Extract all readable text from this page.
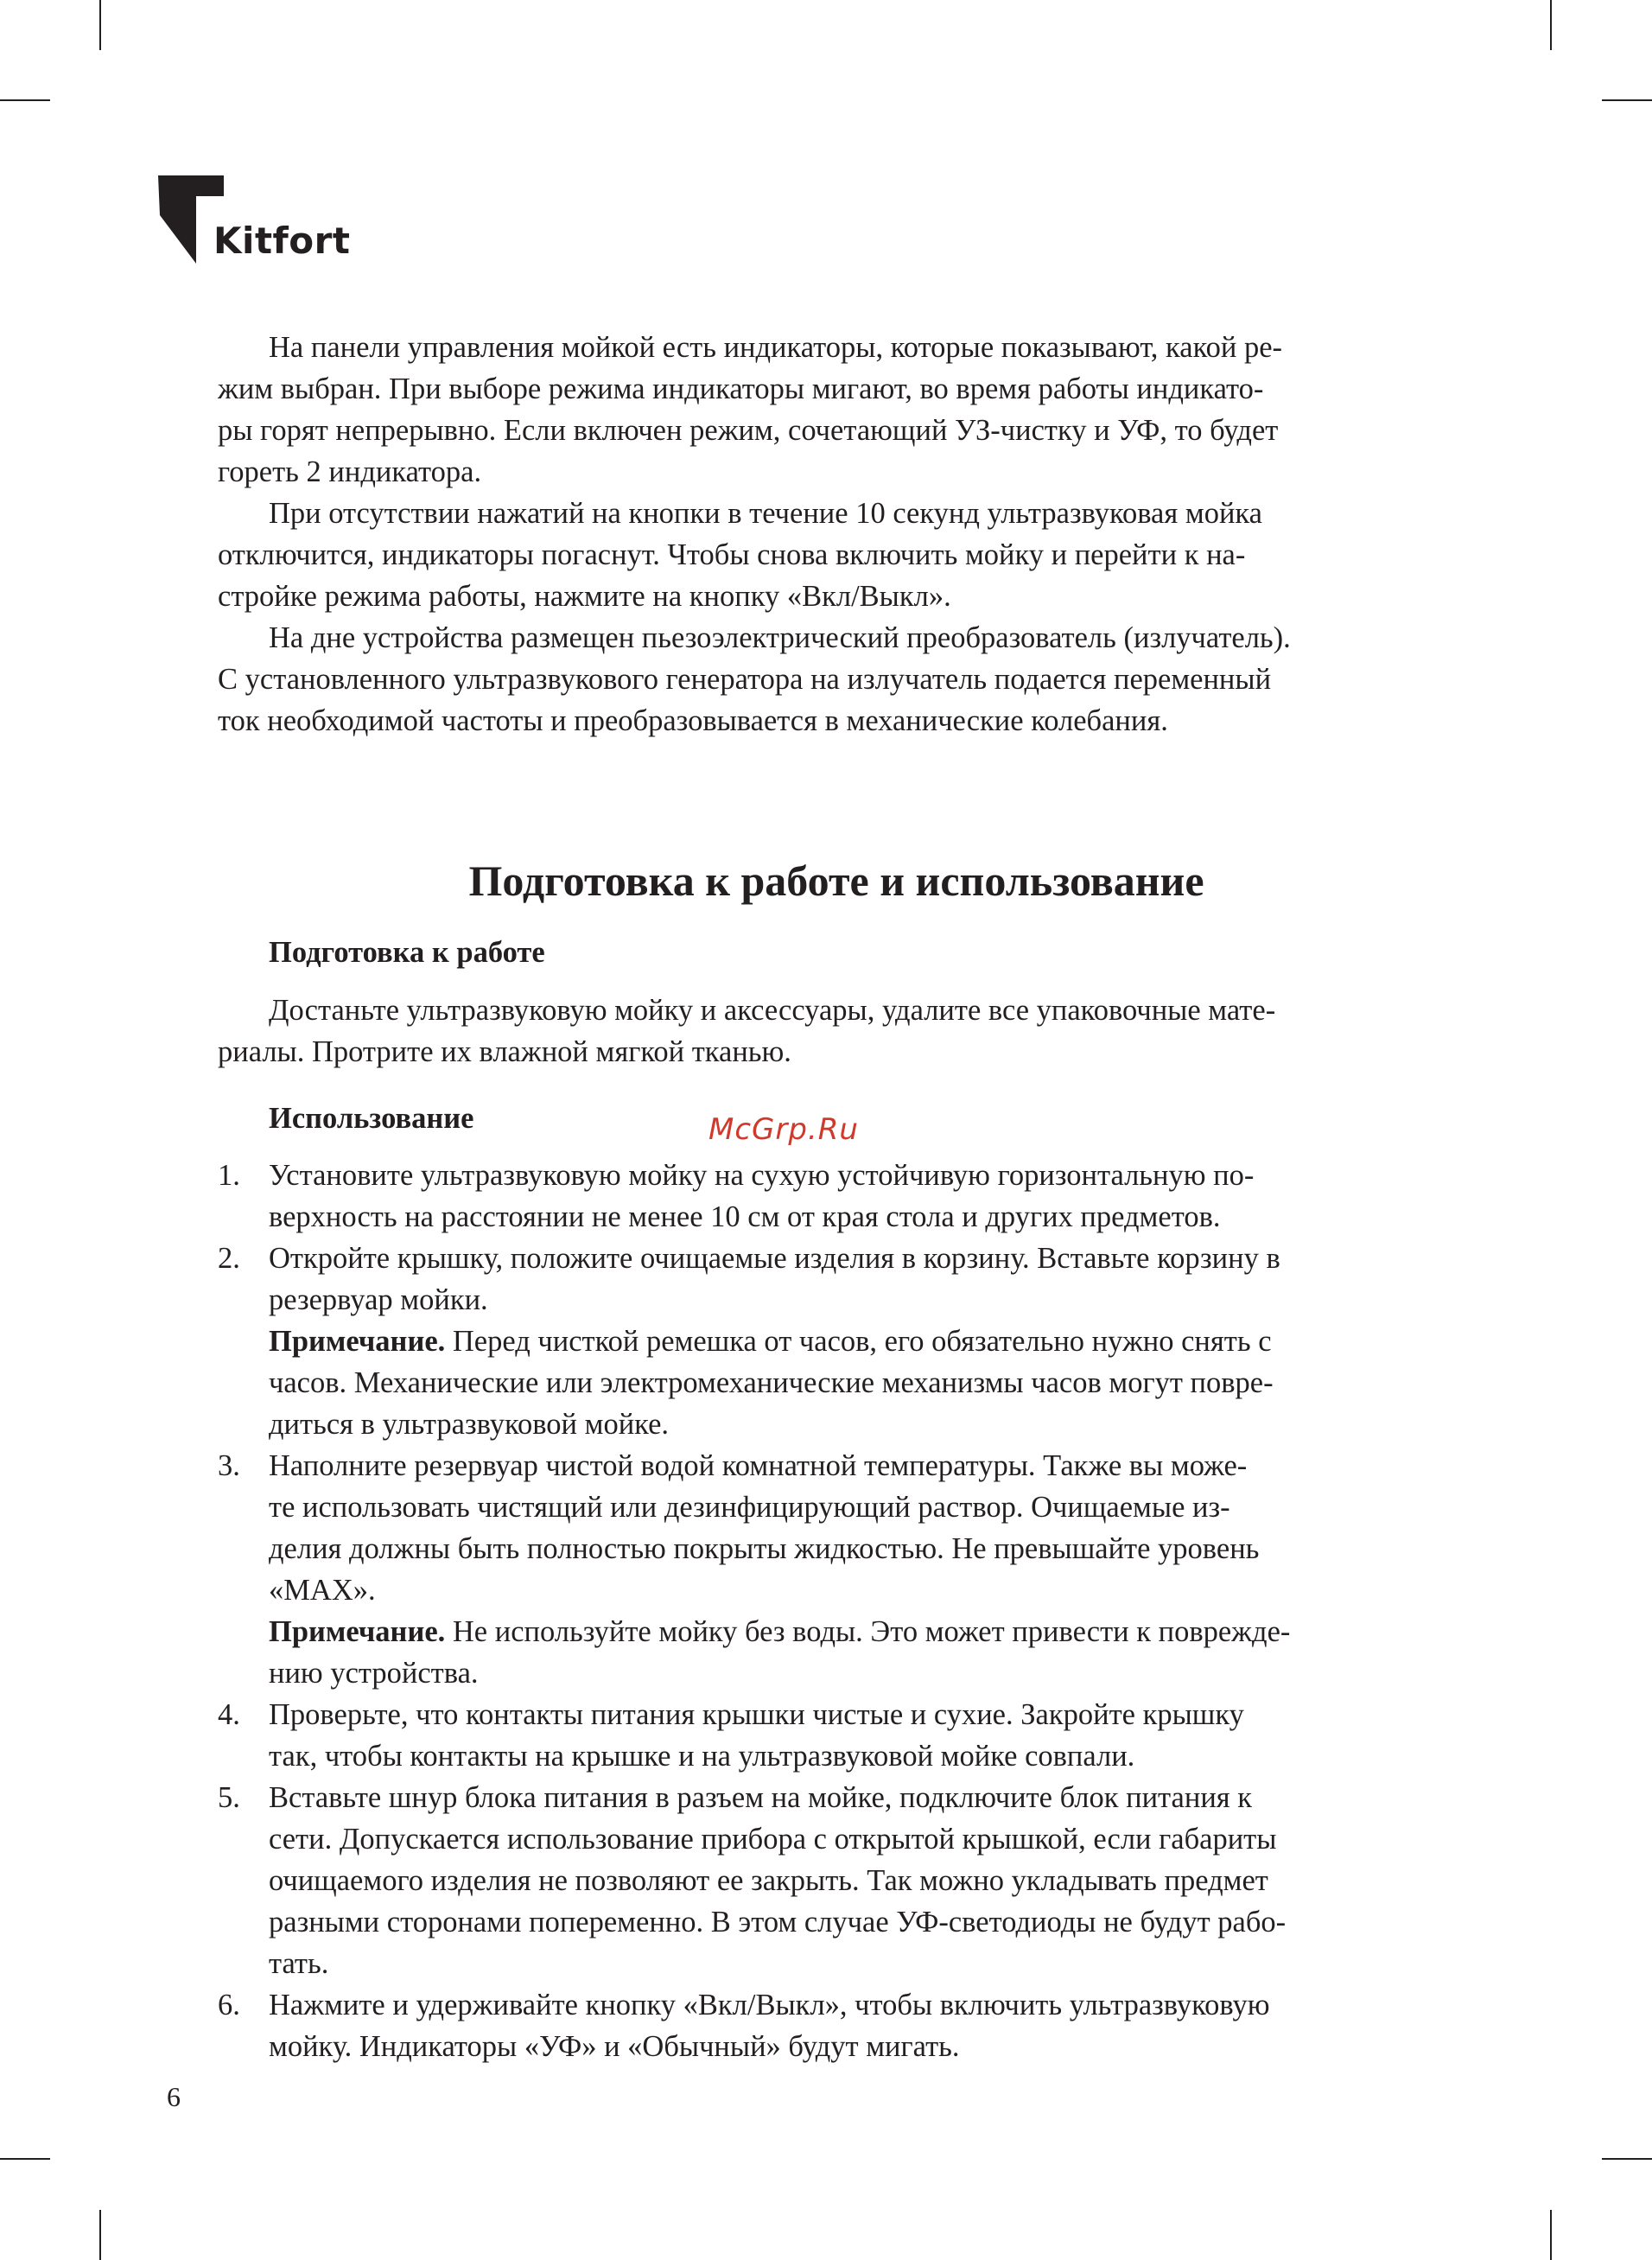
Kitfort

На панели управления мойкой есть индикаторы, которые показывают, какой ре-
жим выбран. При выборе режима индикаторы мигают, во время работы индикато-
ры горят непрерывно. Если включен режим, сочетающий УЗ-чистку и УФ, то будет
гореть 2 индикатора.

При отсутствии нажатий на кнопки в течение 10 секунд ультразвуковая мойка
отключится, индикаторы погаснут. Чтобы снова включить мойку и перейти к на-
стройке режима работы, нажмите на кнопку «Вкл/Выкл».

На дне устройства размещен пьезоэлектрический преобразователь (излучатель).
С установленного ультразвукового генератора на излучатель подается переменный
ток необходимой частоты и преобразовывается в механические колебания.

Подготовка к работе и использование
Подготовка к работе

Достаньте ультразвуковую мойку и аксессуары, удалите все упаковочные мате-
риалы. Протрите их влажной мягкой тканью.

Использование	McGrp.Ru
1. Установите ультразвуковую мойку на сухую устойчивую горизонтальную по-
верхность на расстоянии не менее 10 см от края стола и других предметов.
2. Откройте крышку, положите очищаемые изделия в корзину. Вставьте корзину в
резервуар мойки.
Примечание. Перед чисткой ремешка от часов, его обязательно нужно снять с
часов. Механические или электромеханические механизмы часов могут повре-
диться в ультразвуковой мойке.
3. Наполните резервуар чистой водой комнатной температуры. Также вы може-
те использовать чистящий или дезинфицирующий раствор. Очищаемые из-
делия должны быть полностью покрыты жидкостью. Не превышайте уровень
«MAX».
Примечание. Не используйте мойку без воды. Это может привести к поврежде-
нию устройства.
4. Проверьте, что контакты питания крышки чистые и сухие. Закройте крышку
так, чтобы контакты на крышке и на ультразвуковой мойке совпали.
5. Вставьте шнур блока питания в разъем на мойке, подключите блок питания к
сети. Допускается использование прибора с открытой крышкой, если габариты
очищаемого изделия не позволяют ее закрыть. Так можно укладывать предмет
разными сторонами попеременно. В этом случае УФ-светодиоды не будут рабо-
тать.
6. Нажмите и удерживайте кнопку «Вкл/Выкл», чтобы включить ультразвуковую
мойку. Индикаторы «УФ» и «Обычный» будут мигать.
6
